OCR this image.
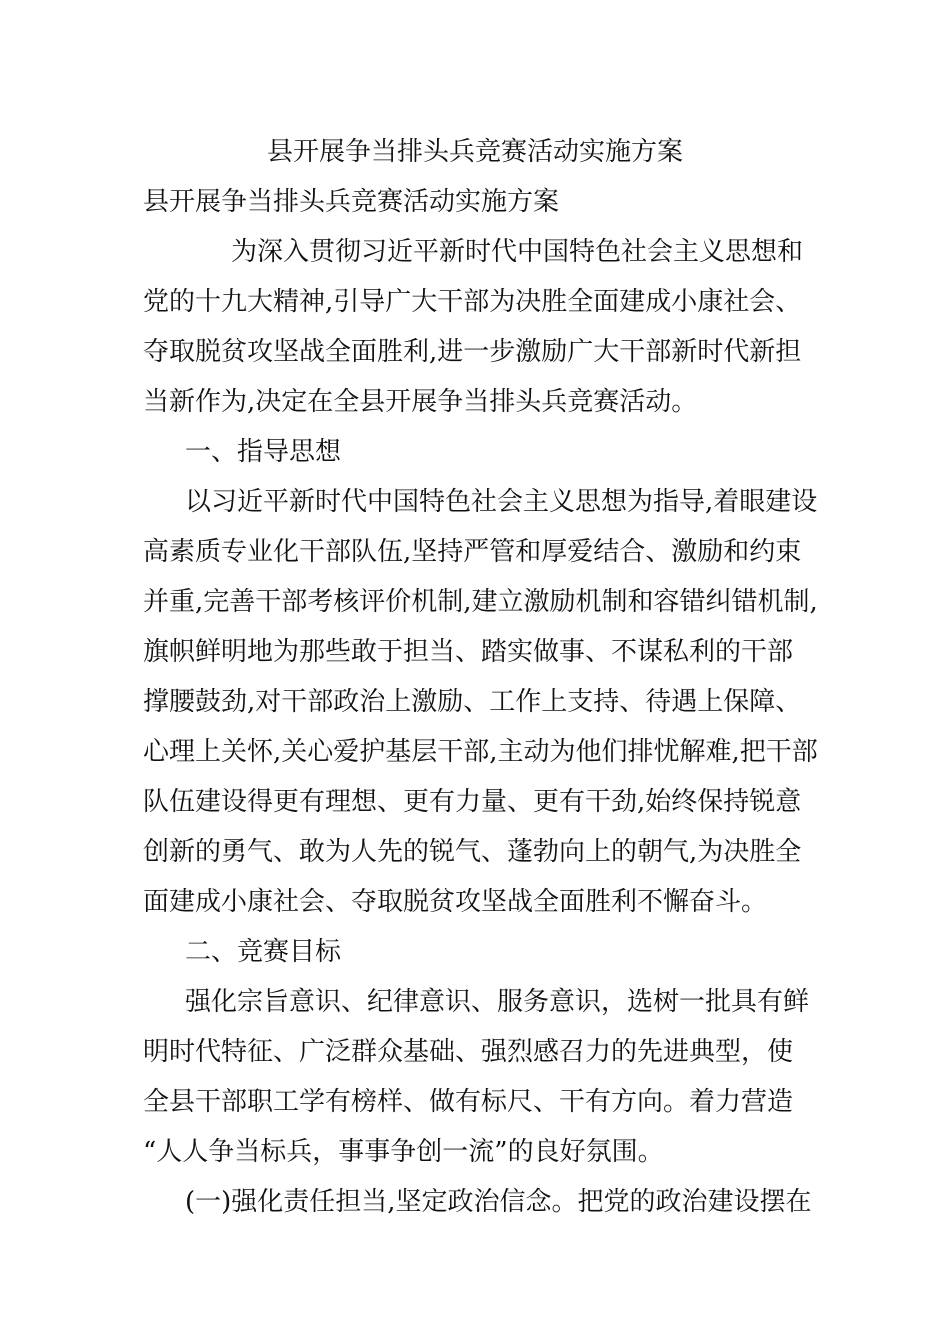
县开展争当排头兵竞赛活动实施方案

县开展争当排头兵竞赛活动实施方案

为深入贯彻习近平新时代中国特色社会主义思想和

党的十九大精神,引导广大干部为决胜全面建成小康社会、

夺取脱贫攻坚战全面胜利,进一步激励广大干部新时代新担

当新作为,决定在全县开展争当排头兵竞赛活动。

一、指导思想

以习近平新时代中国特色社会主义思想为指导,着眼建设

高素质专业化干部队伍,坚持严管和厚爱结合、激励和约束

并重,完善干部考核评价机制,建立激励机制和容错纠错机制,

旗帜鲜明地为那些敢于担当、踏实做事、不谋私利的干部

撑腰鼓劲,对干部政治上激励、工作上支持、待遇上保障、

心理上关怀,关心爱护基层干部,主动为他们排忧解难,把干部

队伍建设得更有理想、更有力量、更有干劲,始终保持锐意

创新的勇气、敢为人先的锐气、蓬勃向上的朝气,为决胜全

面建成小康社会、夺取脱贫攻坚战全面胜利不懈奋斗。

二、竞赛目标

强化宗旨意识、纪律意识、服务意识，选树一批具有鲜

明时代特征、广泛群众基础、强烈感召力的先进典型，使

全县干部职工学有榜样、做有标尺、干有方向。着力营造

“人人争当标兵，事事争创一流”的良好氛围。

(一)强化责任担当,坚定政治信念。把党的政治建设摆在
